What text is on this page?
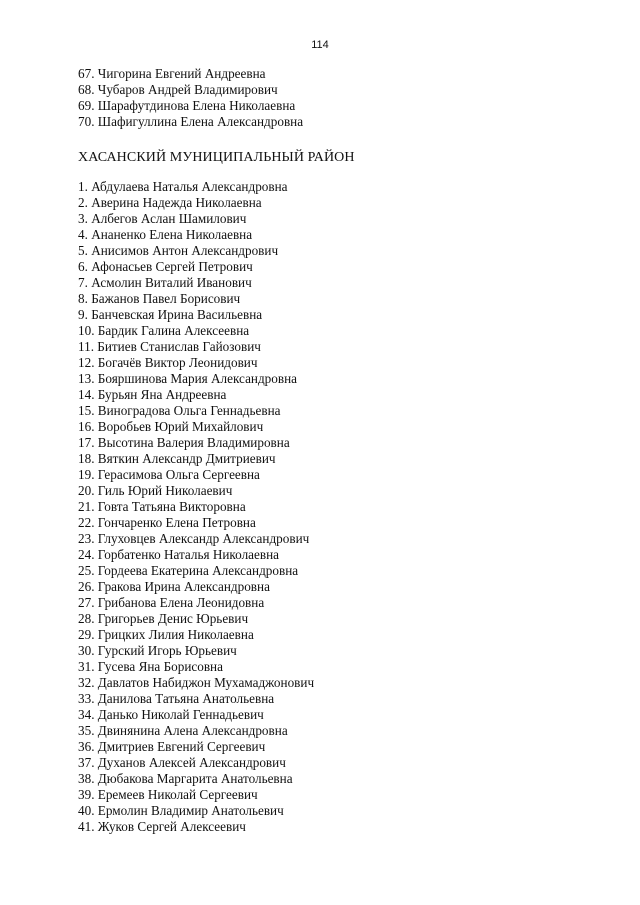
114
67. Чигорина Евгений Андреевна
68. Чубаров Андрей Владимирович
69. Шарафутдинова Елена Николаевна
70. Шафигуллина Елена Александровна
ХАСАНСКИЙ МУНИЦИПАЛЬНЫЙ РАЙОН
1. Абдулаева Наталья Александровна
2. Аверина Надежда Николаевна
3. Албегов Аслан Шамилович
4. Ананенко Елена Николаевна
5. Анисимов Антон Александрович
6. Афонасьев Сергей Петрович
7. Асмолин Виталий Иванович
8. Бажанов Павел Борисович
9. Банчевская Ирина Васильевна
10. Бардик Галина Алексеевна
11. Битиев Станислав Гайозович
12. Богачёв Виктор Леонидович
13. Бояршинова Мария Александровна
14. Бурьян Яна Андреевна
15. Виноградова Ольга Геннадьевна
16. Воробьев Юрий Михайлович
17. Высотина Валерия Владимировна
18. Вяткин Александр Дмитриевич
19. Герасимова Ольга Сергеевна
20. Гиль Юрий Николаевич
21. Говта Татьяна Викторовна
22. Гончаренко Елена Петровна
23. Глуховцев Александр Александрович
24. Горбатенко Наталья Николаевна
25. Гордеева Екатерина Александровна
26. Гракова Ирина Александровна
27. Грибанова Елена Леонидовна
28. Григорьев Денис Юрьевич
29. Грицких Лилия Николаевна
30. Гурский Игорь Юрьевич
31. Гусева Яна Борисовна
32. Давлатов Набиджон Мухамаджонович
33. Данилова Татьяна Анатольевна
34. Данько Николай Геннадьевич
35. Двинянина Алена Александровна
36. Дмитриев Евгений Сергеевич
37. Духанов Алексей Александрович
38. Дюбакова Маргарита Анатольевна
39. Еремеев Николай Сергеевич
40. Ермолин Владимир Анатольевич
41. Жуков Сергей Алексеевич
